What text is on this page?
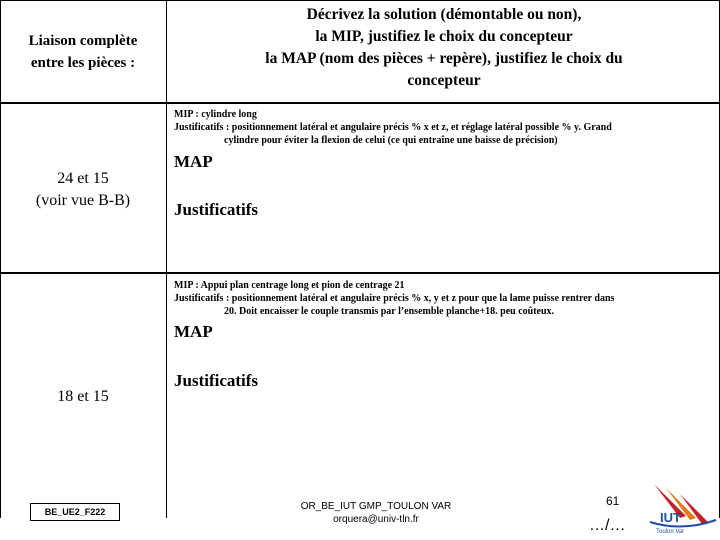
Liaison complète
entre les pièces :
Décrivez la solution (démontable ou non),
la MIP, justifiez le choix du concepteur
la MAP (nom des pièces + repère), justifiez le choix du
concepteur
24 et 15
(voir vue B-B)
MIP : cylindre long
Justificatifs : positionnement latéral et angulaire précis % x et z, et réglage latéral possible % y. Grand
cylindre pour éviter la flexion de celui (ce qui entraîne une baisse de précision)
MAP
Justificatifs
18 et 15
MIP : Appui plan centrage long et pion de centrage 21
Justificatifs : positionnement latéral et angulaire précis % x, y et z pour que la lame puisse rentrer dans
20. Doit encaisser le couple transmis par l’ensemble planche+18. peu coûteux.
MAP
Justificatifs
BE_UE2_F222	OR_BE_IUT GMP_TOULON VAR
orquera@univ-tln.fr
61
…/…	IUT
Toulon Var
